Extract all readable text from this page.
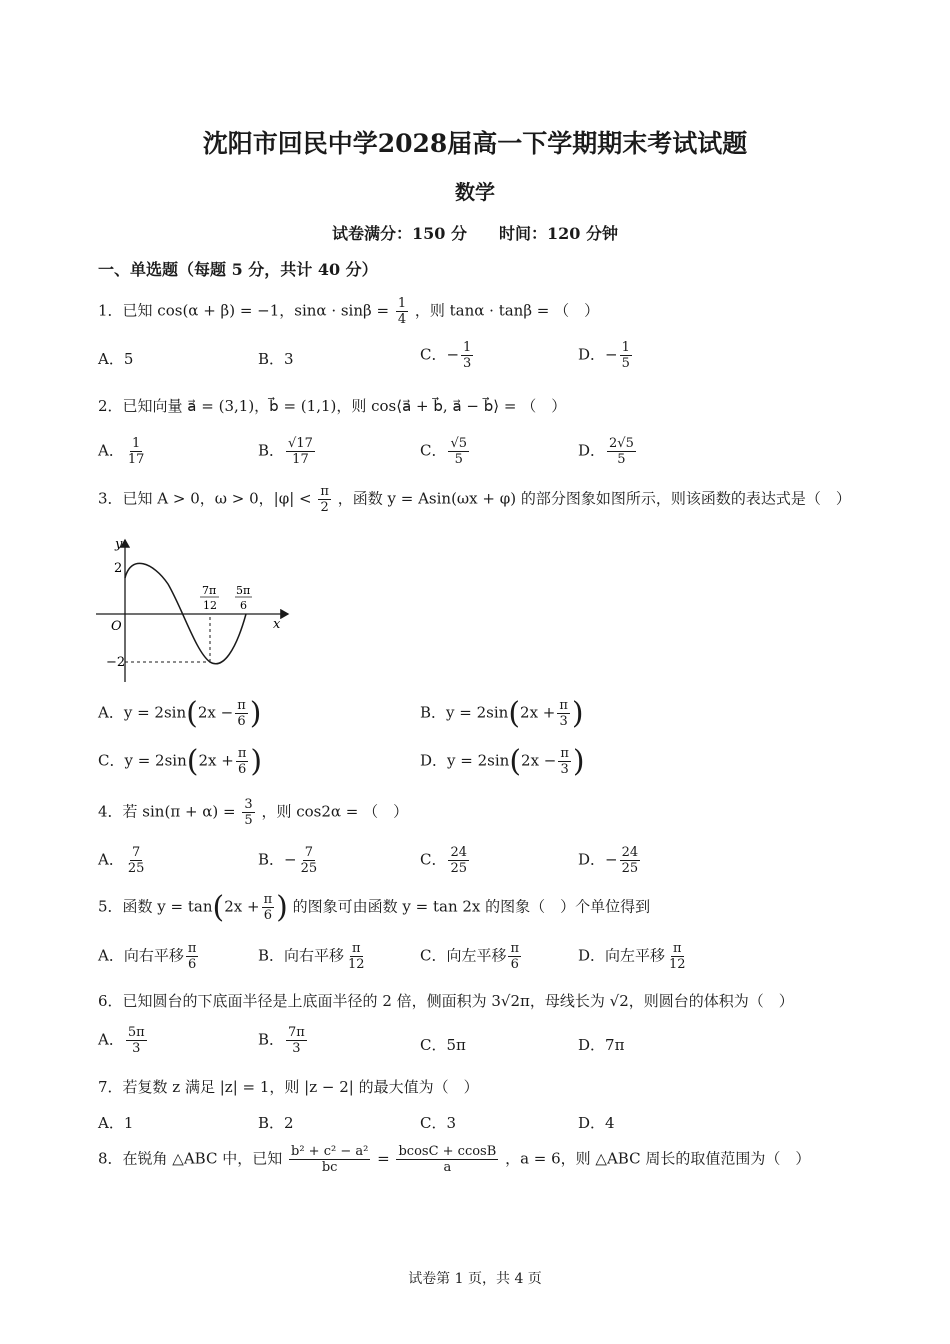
沈阳市回民中学2028届高一下学期期末考试试题
数学
试卷满分：150 分　　时间：120 分钟
一、单选题（每题 5 分，共计 40 分）
1．已知 cos(α + β) = −1，$\sin\alpha \cdot \sin\beta = \frac{1}{4}$ ，则 tanα · tanβ = （　）
A．5	B．3	C．− $\frac{1}{3}$	D．− $\frac{1}{5}$
2．已知向量 a⃗ = (3,1)，b⃗ = (1,1)，则 cos⟨a⃗ + b⃗, a⃗ − b⃗⟩ = （　）
A． $\frac{1}{17}$	B． $\frac{√17}{17}$	C． $\frac{√5}{5}$	D． $\frac{2√5}{5}$
3．已知 A > 0，ω > 0，$|\varphi| < \frac{\pi}{2}$ ，函数 y = Asin(ωx + φ) 的部分图象如图所示，则该函数的表达式是（　）
y
x
O
2
−2
7π
12
5π
6
A．$y = 2\sin(2x - \frac{\pi}{6}$ )	B．$y = 2\sin(2x + \frac{\pi}{3}$ )
C．$y = 2\sin(2x + \frac{\pi}{6}$ )	D．$y = 2\sin(2x - \frac{\pi}{3}$ )
4．若 $\sin(\pi + \alpha) = \frac{3}{5}$ ，则 cos2α = （　）
A． $\frac{7}{25}$	B．− $\frac{7}{25}$	C． $\frac{24}{25}$	D．− $\frac{24}{25}$
5．函数 $y = \tan(2x + \frac{\pi}{6}$ ) 的图象可由函数 y = tan 2x 的图象（　）个单位得到
A．向右平移 $\frac{\pi}{6}$	B．向右平移 $\frac{\pi}{12}$	C．向左平移 $\frac{\pi}{6}$	D．向左平移 $\frac{\pi}{12}$
6．已知圆台的下底面半径是上底面半径的 2 倍，侧面积为 3√2π，母线长为 √2，则圆台的体积为（　）
A． $\frac{5\pi}{3}$	B． $\frac{7\pi}{3}$	C．5π	D．7π
7．若复数 z 满足 |z| = 1，则 |z − 2| 的最大值为（　）
A．1	B．2	C．3	D．4
8．在锐角 △ABC 中，已知 $\frac{\text{b² + c² − a²}}{bc} = \frac{bcosC + ccosB}{a}$ ，a = 6，则 △ABC 周长的取值范围为（　）
试卷第 1 页，共 4 页
